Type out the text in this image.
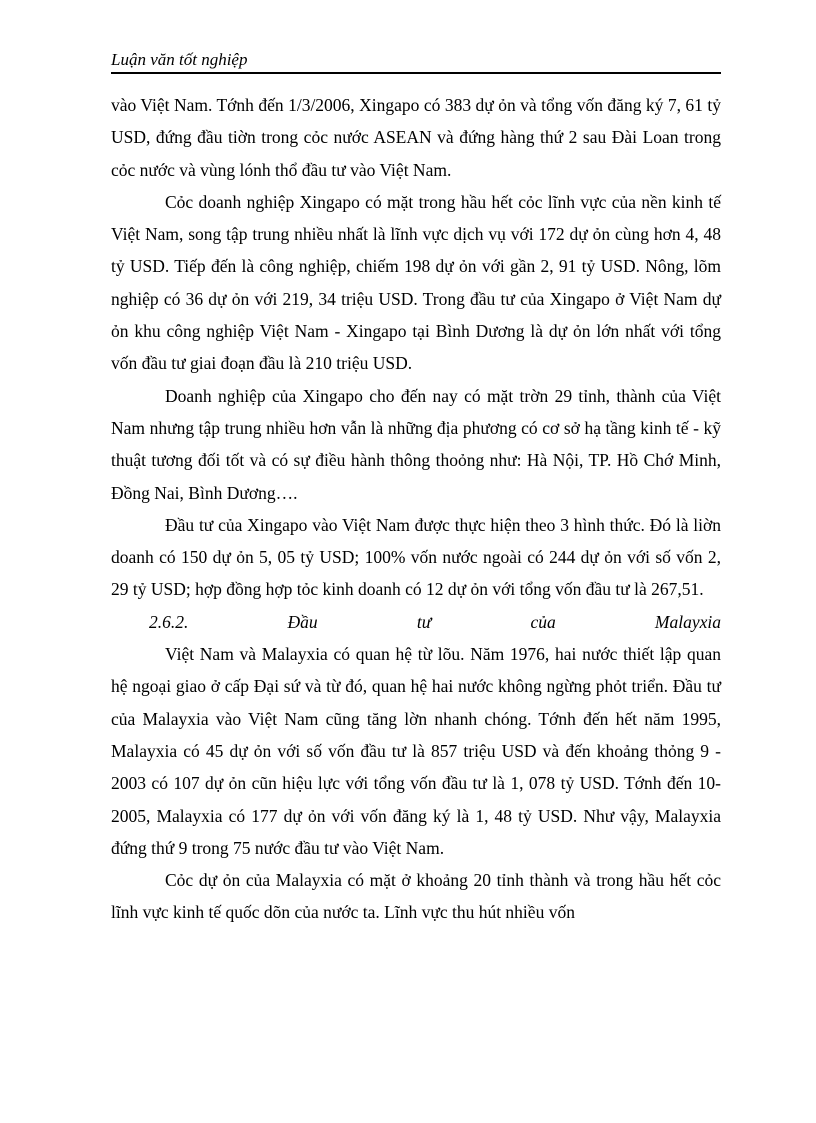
Luận văn tốt nghiệp

vào Việt Nam. Tớnh đến 1/3/2006, Xingapo có 383 dự ỏn và tổng vốn đăng ký 7, 61 tỷ USD, đứng đầu tiờn trong cỏc nước ASEAN và đứng hàng thứ 2 sau Đài Loan trong cỏc nước và vùng lónh thổ đầu tư vào Việt Nam.

Cỏc doanh nghiệp Xingapo có mặt trong hầu hết cỏc lĩnh vực của nền kinh tế Việt Nam, song tập trung nhiều nhất là lĩnh vực dịch vụ với 172 dự ỏn cùng hơn 4, 48 tỷ USD. Tiếp đến là công nghiệp, chiếm 198 dự ỏn với gần 2, 91 tỷ USD. Nông, lõm nghiệp có 36 dự ỏn với 219, 34 triệu USD. Trong đầu tư của Xingapo ở Việt Nam dự ỏn khu công nghiệp Việt Nam - Xingapo tại Bình Dương là dự ỏn lớn nhất với tổng vốn đầu tư giai đoạn đầu là 210 triệu USD.

Doanh nghiệp của Xingapo cho đến nay có mặt trờn 29 tỉnh, thành của Việt Nam nhưng tập trung nhiều hơn vẫn là những địa phương có cơ sở hạ tầng kinh tế - kỹ thuật tương đối tốt và có sự điều hành thông thoỏng như: Hà Nội, TP. Hồ Chớ Minh, Đồng Nai, Bình Dương….

Đầu tư của Xingapo vào Việt Nam được thực hiện theo 3 hình thức. Đó là liờn doanh có 150 dự ỏn 5, 05 tỷ USD; 100% vốn nước ngoài có 244 dự ỏn với số vốn 2, 29 tỷ USD; hợp đồng hợp tỏc kinh doanh có 12 dự ỏn với tổng vốn đầu tư là 267,51.

2.6.2.	Đầu	tư	của	Malayxia

Việt Nam và Malayxia có quan hệ từ lõu. Năm 1976, hai nước thiết lập quan hệ ngoại giao ở cấp Đại sứ và từ đó, quan hệ hai nước không ngừng phỏt triển. Đầu tư của Malayxia vào Việt Nam cũng tăng lờn nhanh chóng. Tớnh đến hết năm 1995, Malayxia có 45 dự ỏn với số vốn đầu tư là 857 triệu USD và đến khoảng thỏng 9 - 2003 có 107 dự ỏn cũn hiệu lực với tổng vốn đầu tư là 1, 078 tỷ USD. Tớnh đến 10-2005, Malayxia có 177 dự ỏn với vốn đăng ký là 1, 48 tỷ USD. Như vậy, Malayxia đứng thứ 9 trong 75 nước đầu tư vào Việt Nam.

Cỏc dự ỏn của Malayxia có mặt ở khoảng 20 tỉnh thành và trong hầu hết cỏc lĩnh vực kinh tế quốc dõn của nước ta. Lĩnh vực thu hút nhiều vốn
